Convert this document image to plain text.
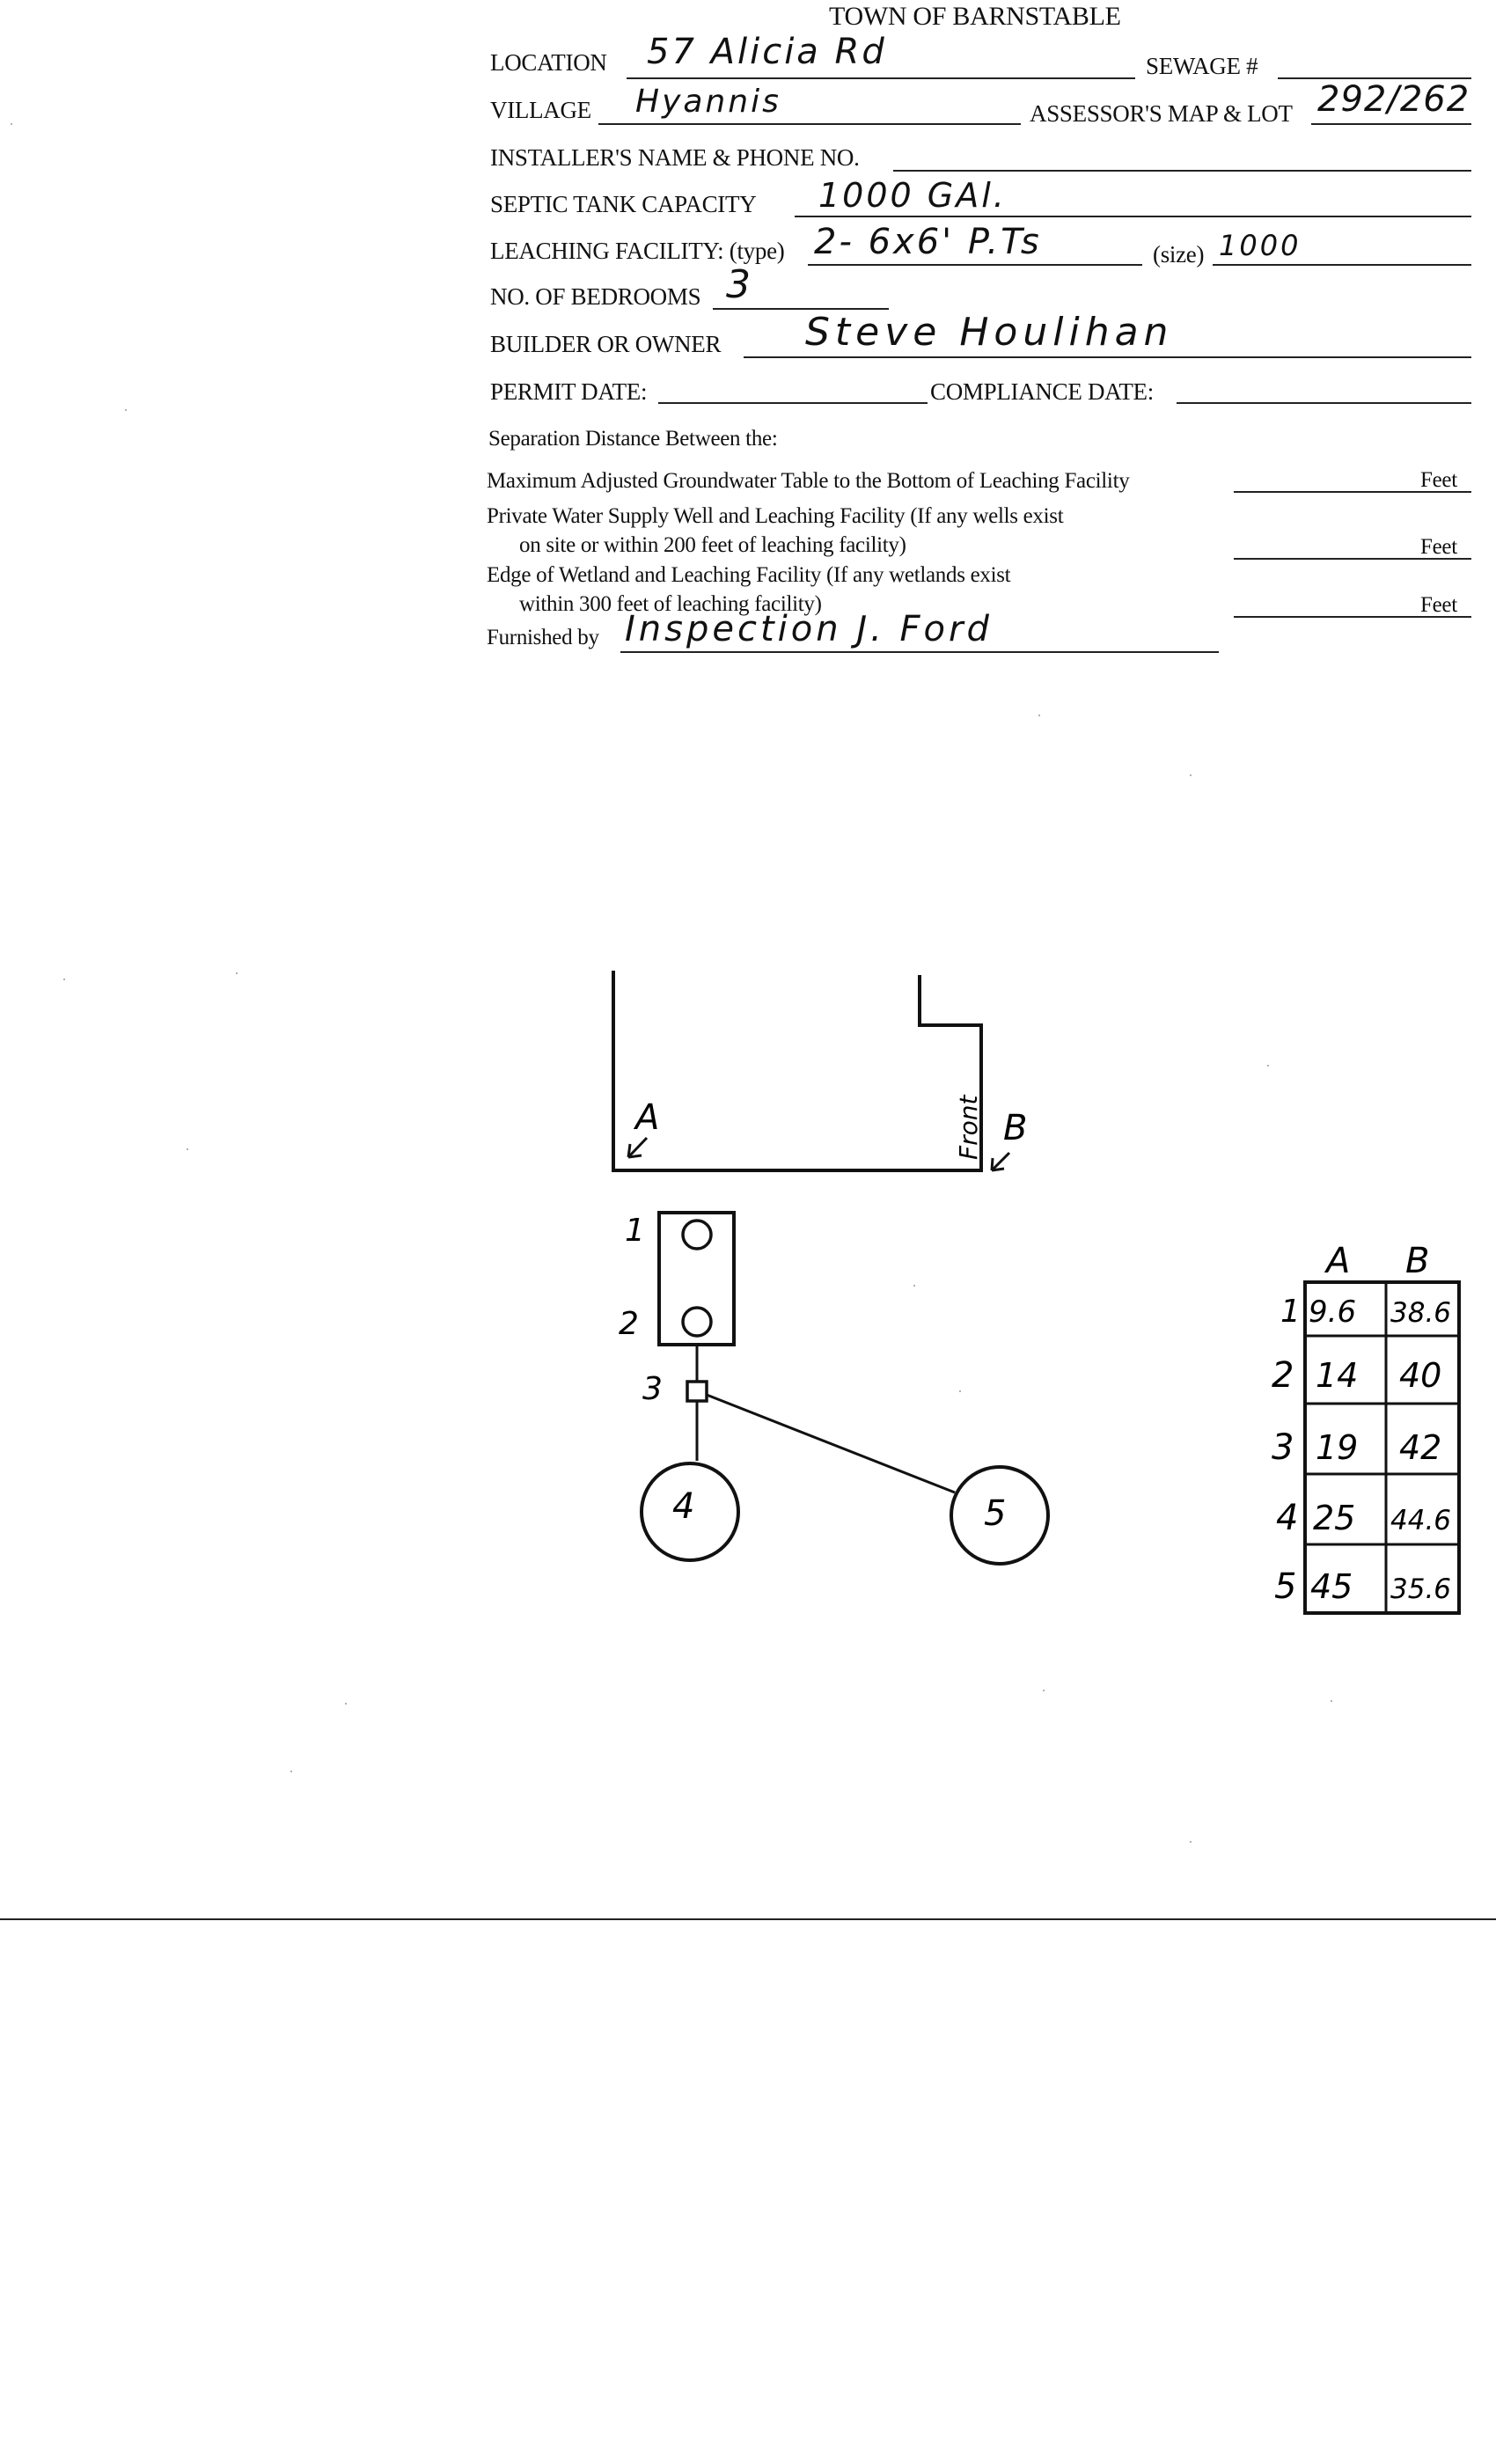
TOWN OF BARNSTABLE
LOCATION 57 Alicia Rd	SEWAGE #
VILLAGE Hyannis	ASSESSOR'S MAP & LOT 292/262
INSTALLER'S NAME & PHONE NO.
SEPTIC TANK CAPACITY 1000 GAl.
LEACHING FACILITY: (type) 2- 6x6' P.Ts	(size) 1000
NO. OF BEDROOMS 3
BUILDER OR OWNER Steve Houlihan
PERMIT DATE:	COMPLIANCE DATE:
Separation Distance Between the:
Maximum Adjusted Groundwater Table to the Bottom of Leaching Facility	Feet
Private Water Supply Well and Leaching Facility (If any wells exist
on site or within 200 feet of leaching facility)	Feet
Edge of Wetland and Leaching Facility (If any wetlands exist
within 300 feet of leaching facility)	Feet
Furnished by Inspection J. Ford
A	B
Front
1
2
3
4	5
A B
1 9.6 38.6
2 14 40
3 19 42
4 25 44.6
5 45 35.6
